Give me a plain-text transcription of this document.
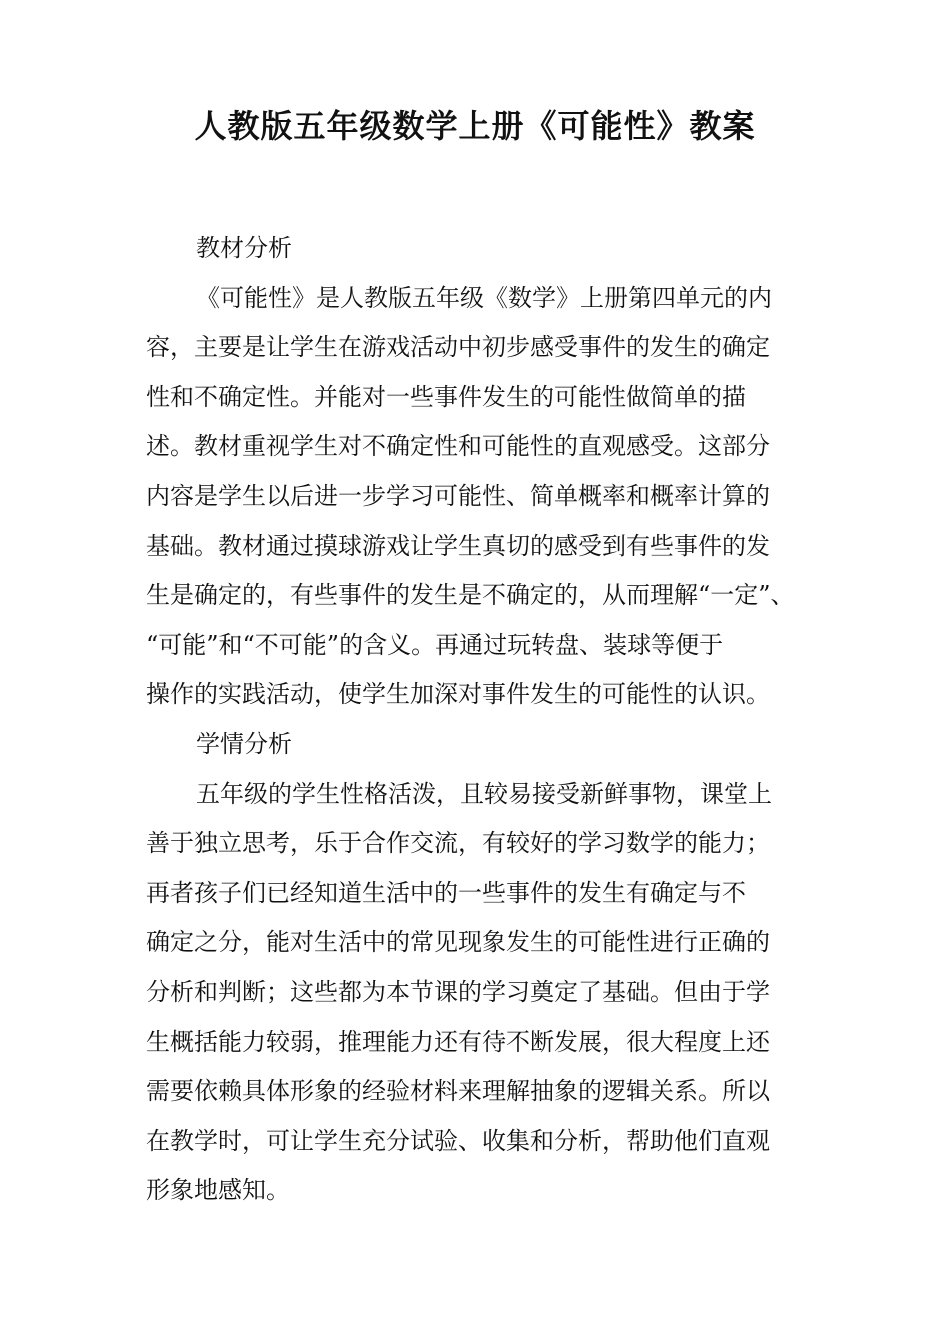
人教版五年级数学上册《可能性》教案
教材分析
《可能性》是人教版五年级《数学》上册第四单元的内
容，主要是让学生在游戏活动中初步感受事件的发生的确定
性和不确定性。并能对一些事件发生的可能性做简单的描
述。教材重视学生对不确定性和可能性的直观感受。这部分
内容是学生以后进一步学习可能性、简单概率和概率计算的
基础。教材通过摸球游戏让学生真切的感受到有些事件的发
生是确定的，有些事件的发生是不确定的，从而理解“一定”、
“可能”和“不可能”的含义。再通过玩转盘、装球等便于
操作的实践活动，使学生加深对事件发生的可能性的认识。
学情分析
五年级的学生性格活泼，且较易接受新鲜事物，课堂上
善于独立思考，乐于合作交流，有较好的学习数学的能力；
再者孩子们已经知道生活中的一些事件的发生有确定与不
确定之分，能对生活中的常见现象发生的可能性进行正确的
分析和判断；这些都为本节课的学习奠定了基础。但由于学
生概括能力较弱，推理能力还有待不断发展，很大程度上还
需要依赖具体形象的经验材料来理解抽象的逻辑关系。所以
在教学时，可让学生充分试验、收集和分析，帮助他们直观
形象地感知。
